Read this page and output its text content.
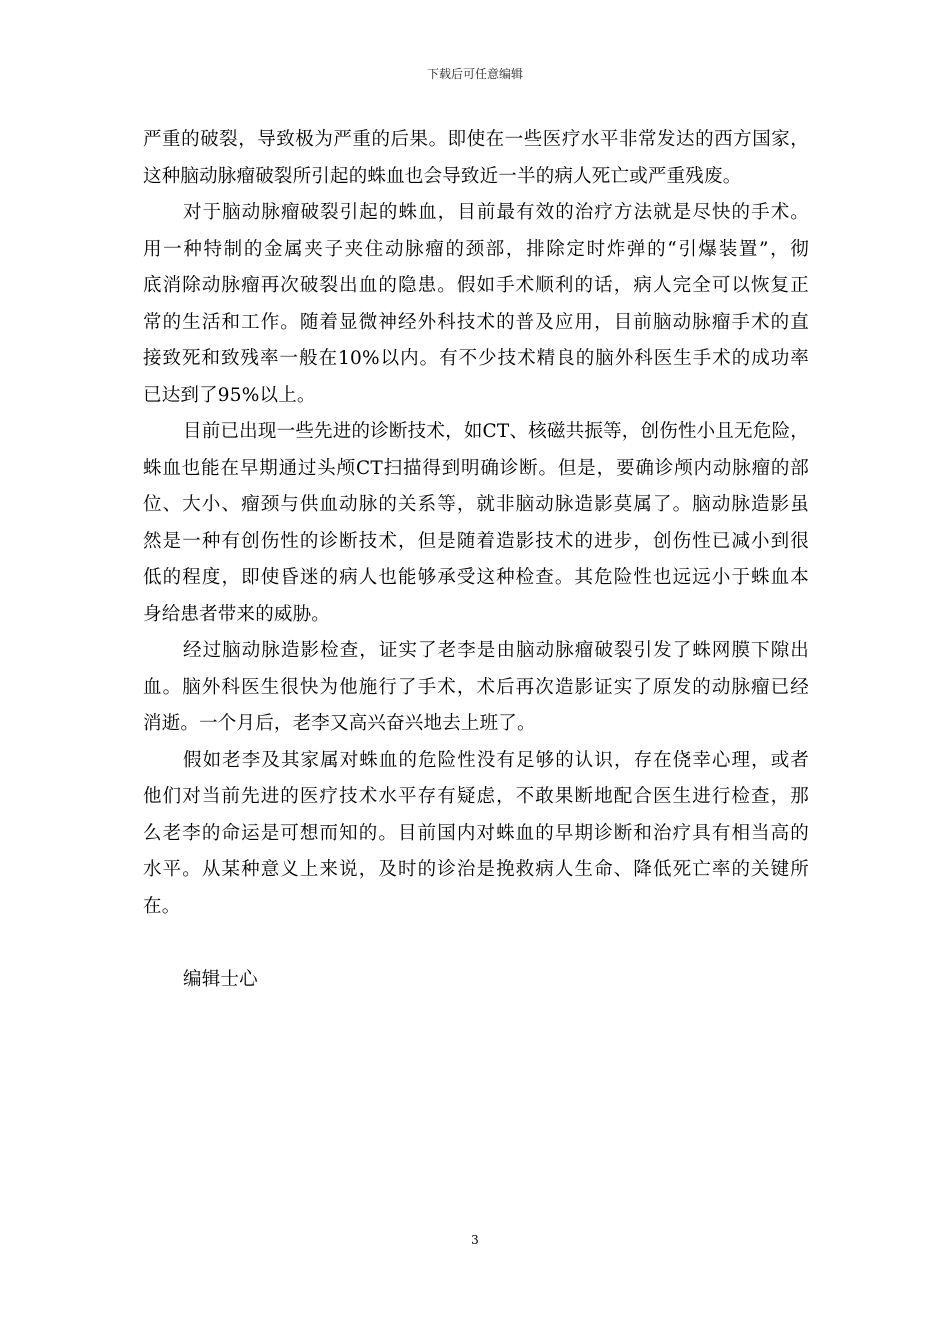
下载后可任意编辑
严重的破裂，导致极为严重的后果。即使在一些医疗水平非常发达的西方国家，
这种脑动脉瘤破裂所引起的蛛血也会导致近一半的病人死亡或严重残废。
对于脑动脉瘤破裂引起的蛛血，目前最有效的治疗方法就是尽快的手术。
用一种特制的金属夹子夹住动脉瘤的颈部，排除定时炸弹的“引爆装置”，彻
底消除动脉瘤再次破裂出血的隐患。假如手术顺利的话，病人完全可以恢复正
常的生活和工作。随着显微神经外科技术的普及应用，目前脑动脉瘤手术的直
接致死和致残率一般在10%以内。有不少技术精良的脑外科医生手术的成功率
已达到了95%以上。
目前已出现一些先进的诊断技术，如CT、核磁共振等，创伤性小且无危险，
蛛血也能在早期通过头颅CT扫描得到明确诊断。但是，要确诊颅内动脉瘤的部
位、大小、瘤颈与供血动脉的关系等，就非脑动脉造影莫属了。脑动脉造影虽
然是一种有创伤性的诊断技术，但是随着造影技术的进步，创伤性已减小到很
低的程度，即使昏迷的病人也能够承受这种检查。其危险性也远远小于蛛血本
身给患者带来的威胁。
经过脑动脉造影检查，证实了老李是由脑动脉瘤破裂引发了蛛网膜下隙出
血。脑外科医生很快为他施行了手术，术后再次造影证实了原发的动脉瘤已经
消逝。一个月后，老李又高兴奋兴地去上班了。
假如老李及其家属对蛛血的危险性没有足够的认识，存在侥幸心理，或者
他们对当前先进的医疗技术水平存有疑虑，不敢果断地配合医生进行检查，那
么老李的命运是可想而知的。目前国内对蛛血的早期诊断和治疗具有相当高的
水平。从某种意义上来说，及时的诊治是挽救病人生命、降低死亡率的关键所
在。
编辑士心
3
